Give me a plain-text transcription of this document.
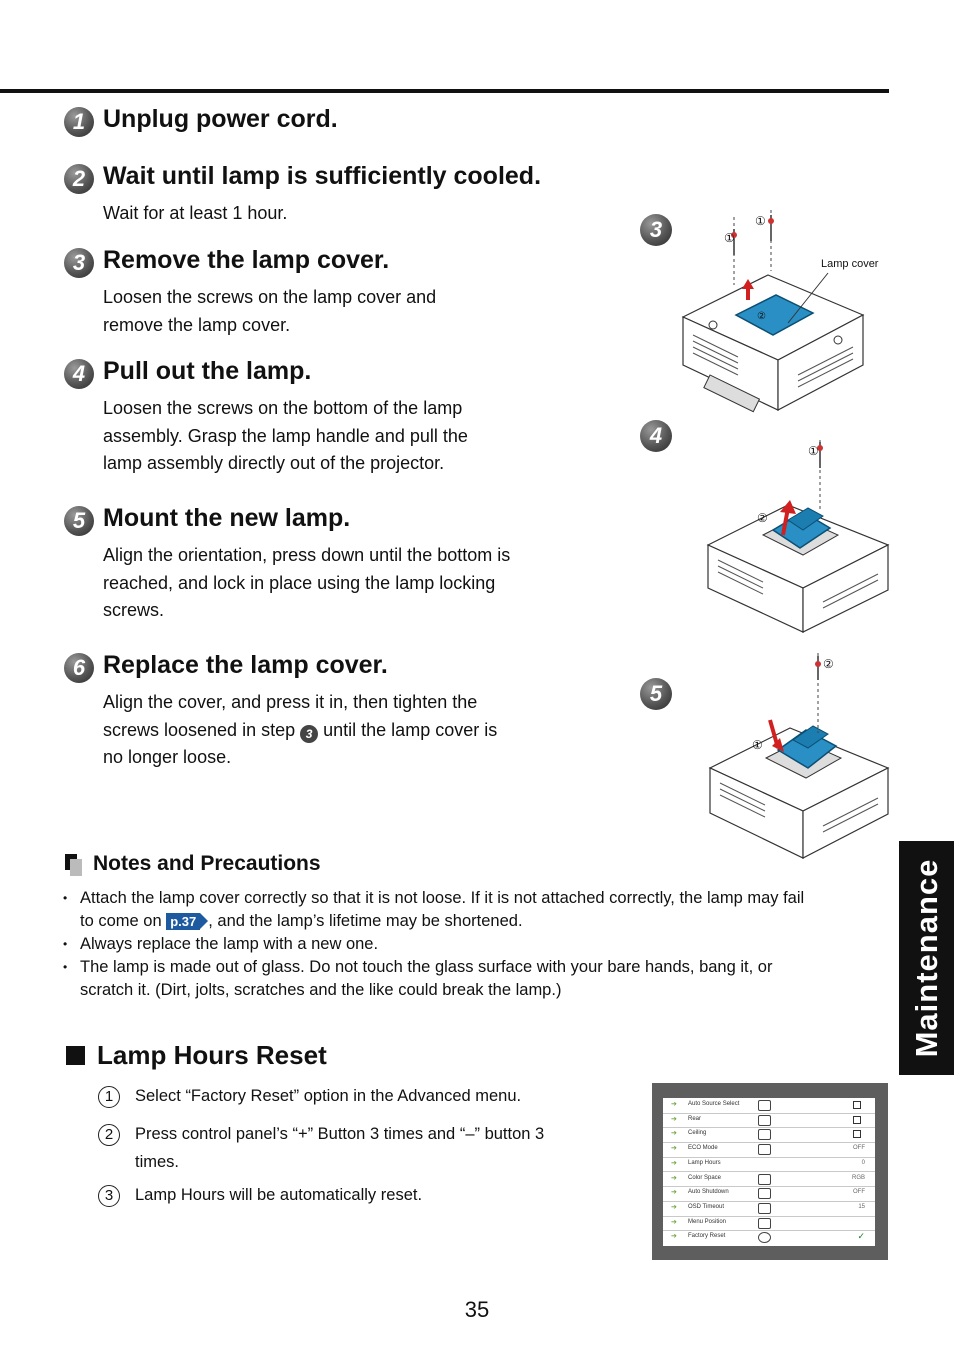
1 Unplug power cord.
2 Wait until lamp is sufficiently cooled.

Wait for at least 1 hour.

3 Remove the lamp cover.

Loosen the screws on the lamp cover and
remove the lamp cover.

4 Pull out the lamp.

Loosen the screws on the bottom of the lamp
assembly. Grasp the lamp handle and pull the
lamp assembly directly out of the projector.

5 Mount the new lamp.

Align the orientation, press down until the bottom is
reached, and lock in place using the lamp locking
screws.

6 Replace the lamp cover.

Align the cover, and press it in, then tighten the
screws loosened in step 3 until the lamp cover is
no longer loose.

3
Lamp cover
①
①
②
4
①
②
5
②
①
Notes and Precautions
• Attach the lamp cover correctly so that it is not loose. If it is not attached correctly, the lamp may fail
to come on p.37 , and the lamp’s lifetime may be shortened.
• Always replace the lamp with a new one.
• The lamp is made out of glass. Do not touch the glass surface with your bare hands, bang it, or
scratch it. (Dirt, jolts, scratches and the like could break the lamp.)
Lamp Hours Reset
1	Select “Factory Reset” option in the Advanced menu.
2	Press control panel’s “+” Button 3 times and “–” button 3
times.
3	Lamp Hours will be automatically reset.
➔ Auto Source Select
➔ Rear
➔ Ceiling
➔ ECO Mode	OFF
➔ Lamp Hours	0
➔ Color Space	RGB
➔ Auto Shutdown	OFF
➔ OSD Timeout	15
➔ Menu Position
➔ Factory Reset	✓
Maintenance
35
